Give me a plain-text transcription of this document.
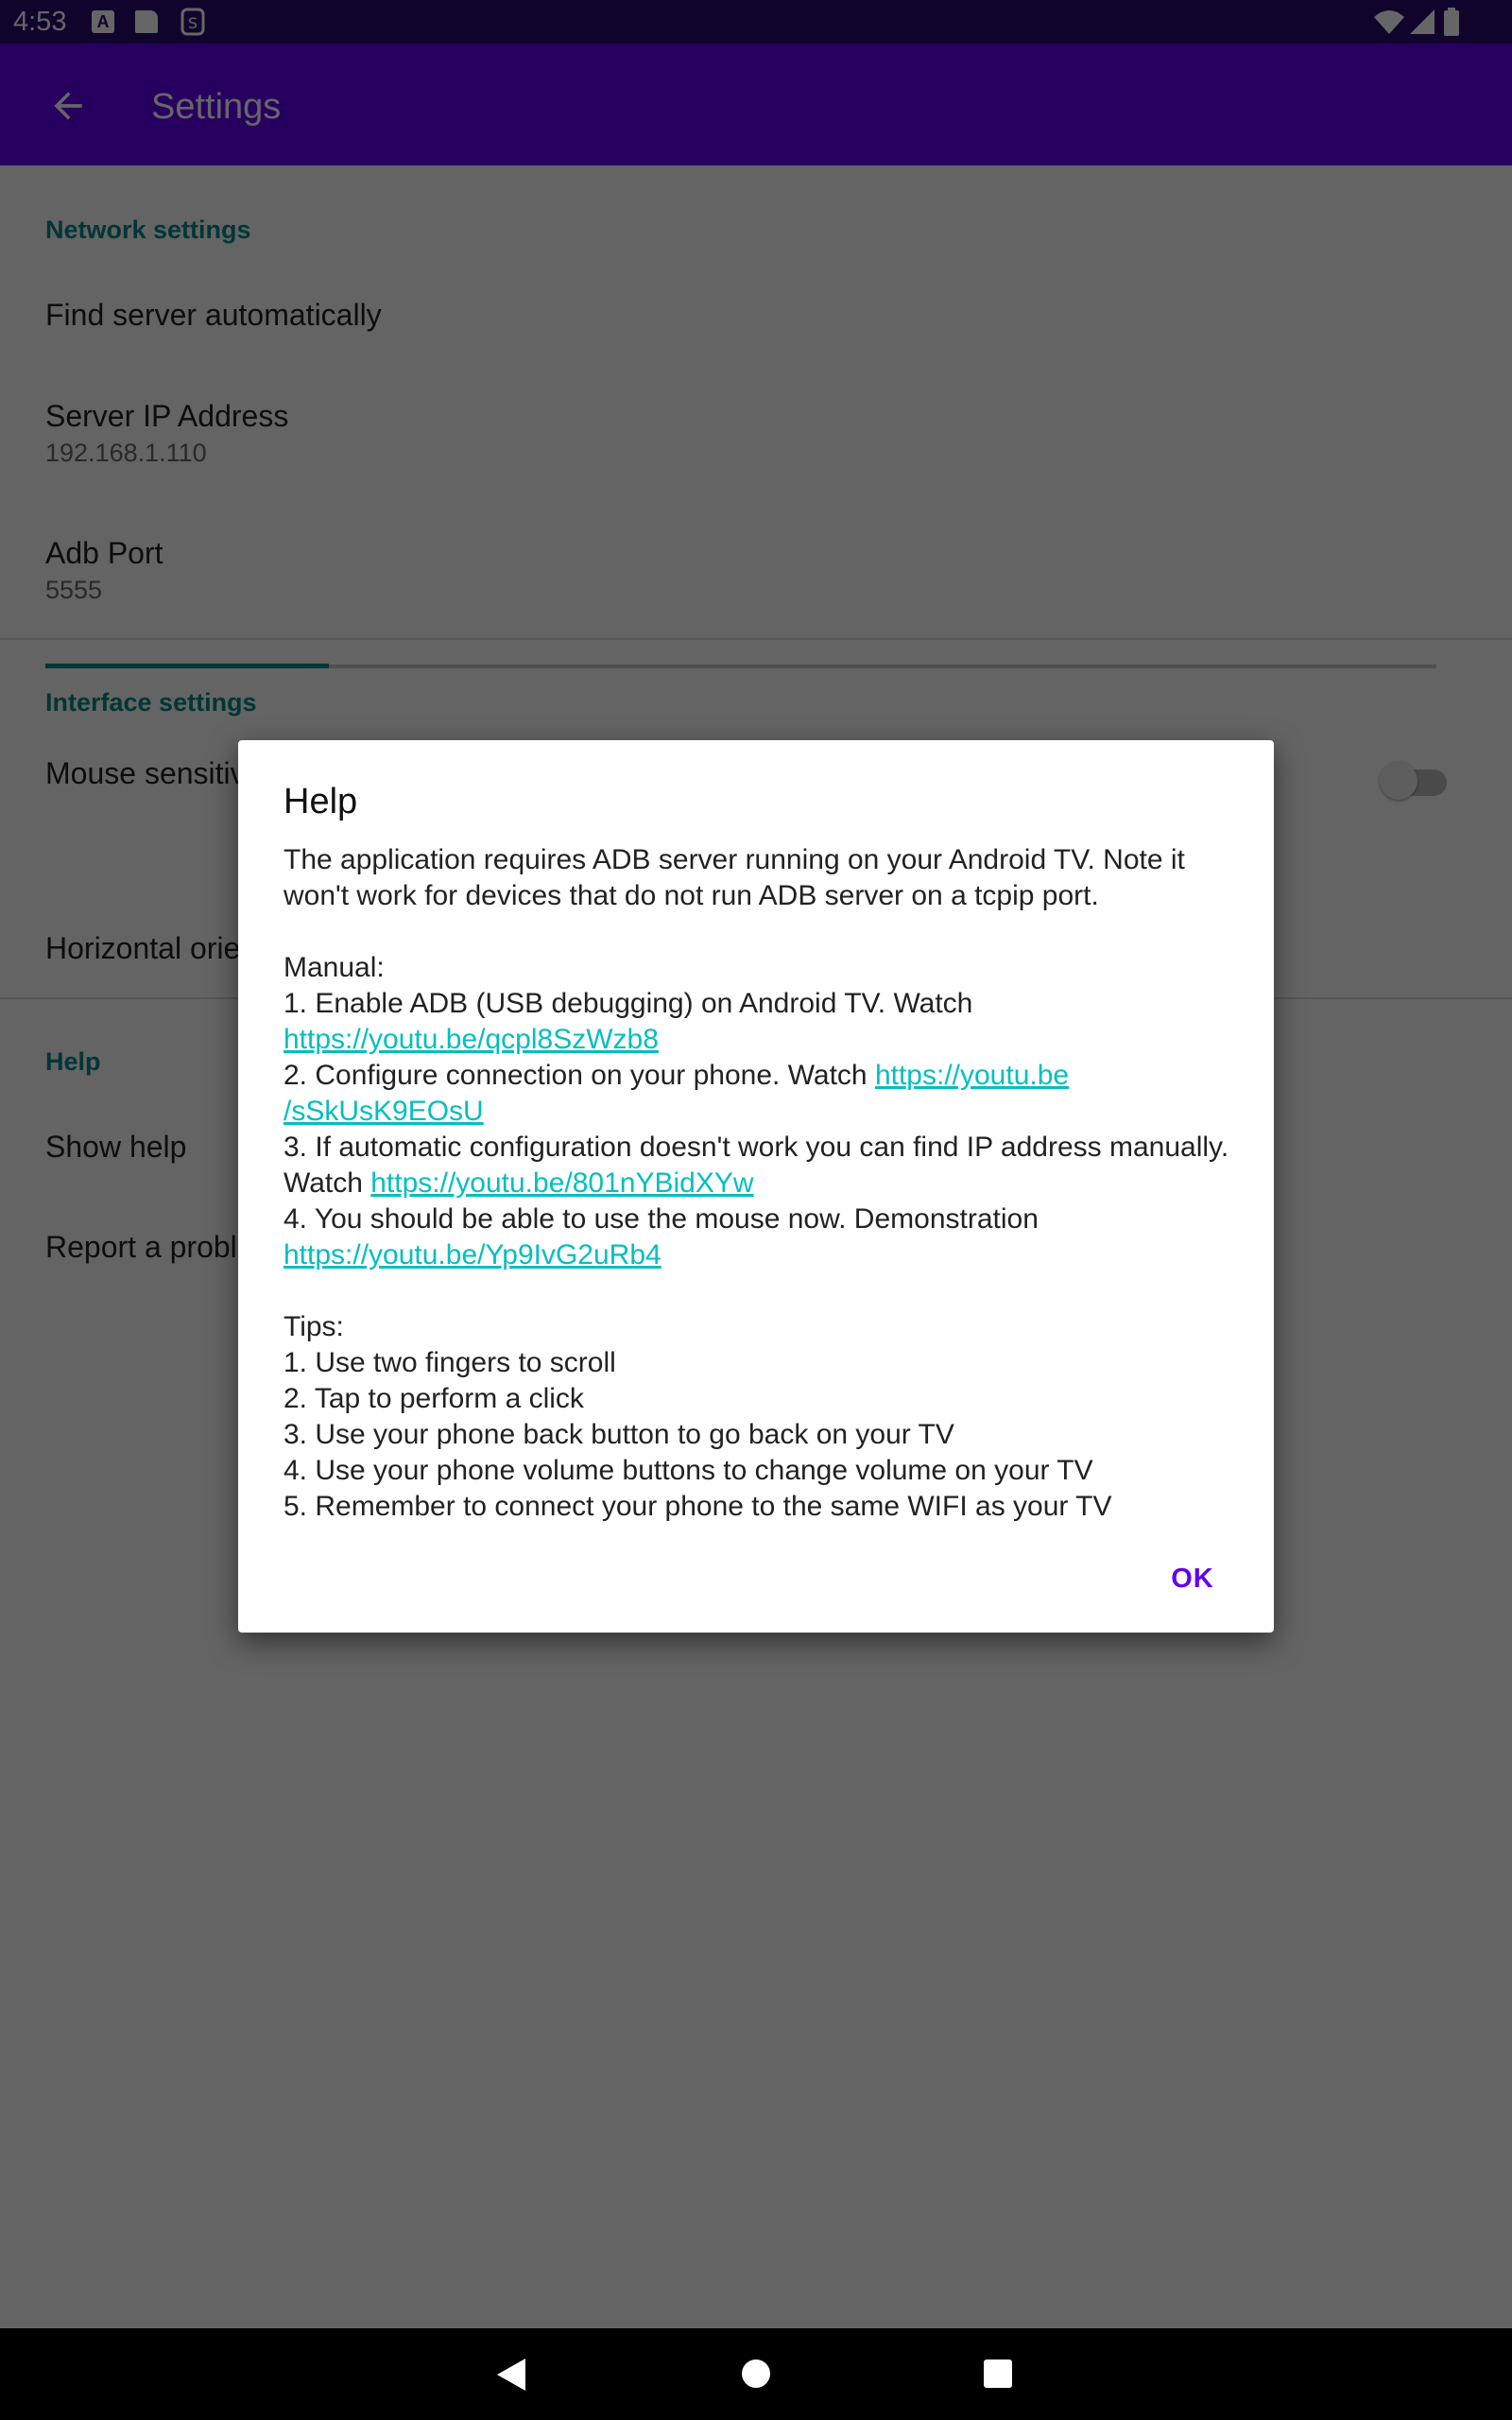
Help

The application requires ADB server running on your Android TV. Note it won't work for devices that do not run ADB server on a tcpip port.

Manual:

1. Enable ADB (USB debugging) on Android TV. Watch
https://youtu.be/qcpl8SzWzb8

2. Configure connection on your phone. Watch https://youtu.be
/sSkUsK9EOsU

3. If automatic configuration doesn't work you can find IP address manually. Watch https://youtu.be/801nYBidXYw

4. You should be able to use the mouse now. Demonstration
https://youtu.be/Yp9IvG2uRb4

Tips:

1. Use two fingers to scroll

2. Tap to perform a click

3. Use your phone back button to go back on your TV

4. Use your phone volume buttons to change volume on your TV

5. Remember to connect your phone to the same WIFI as your TV

OK
